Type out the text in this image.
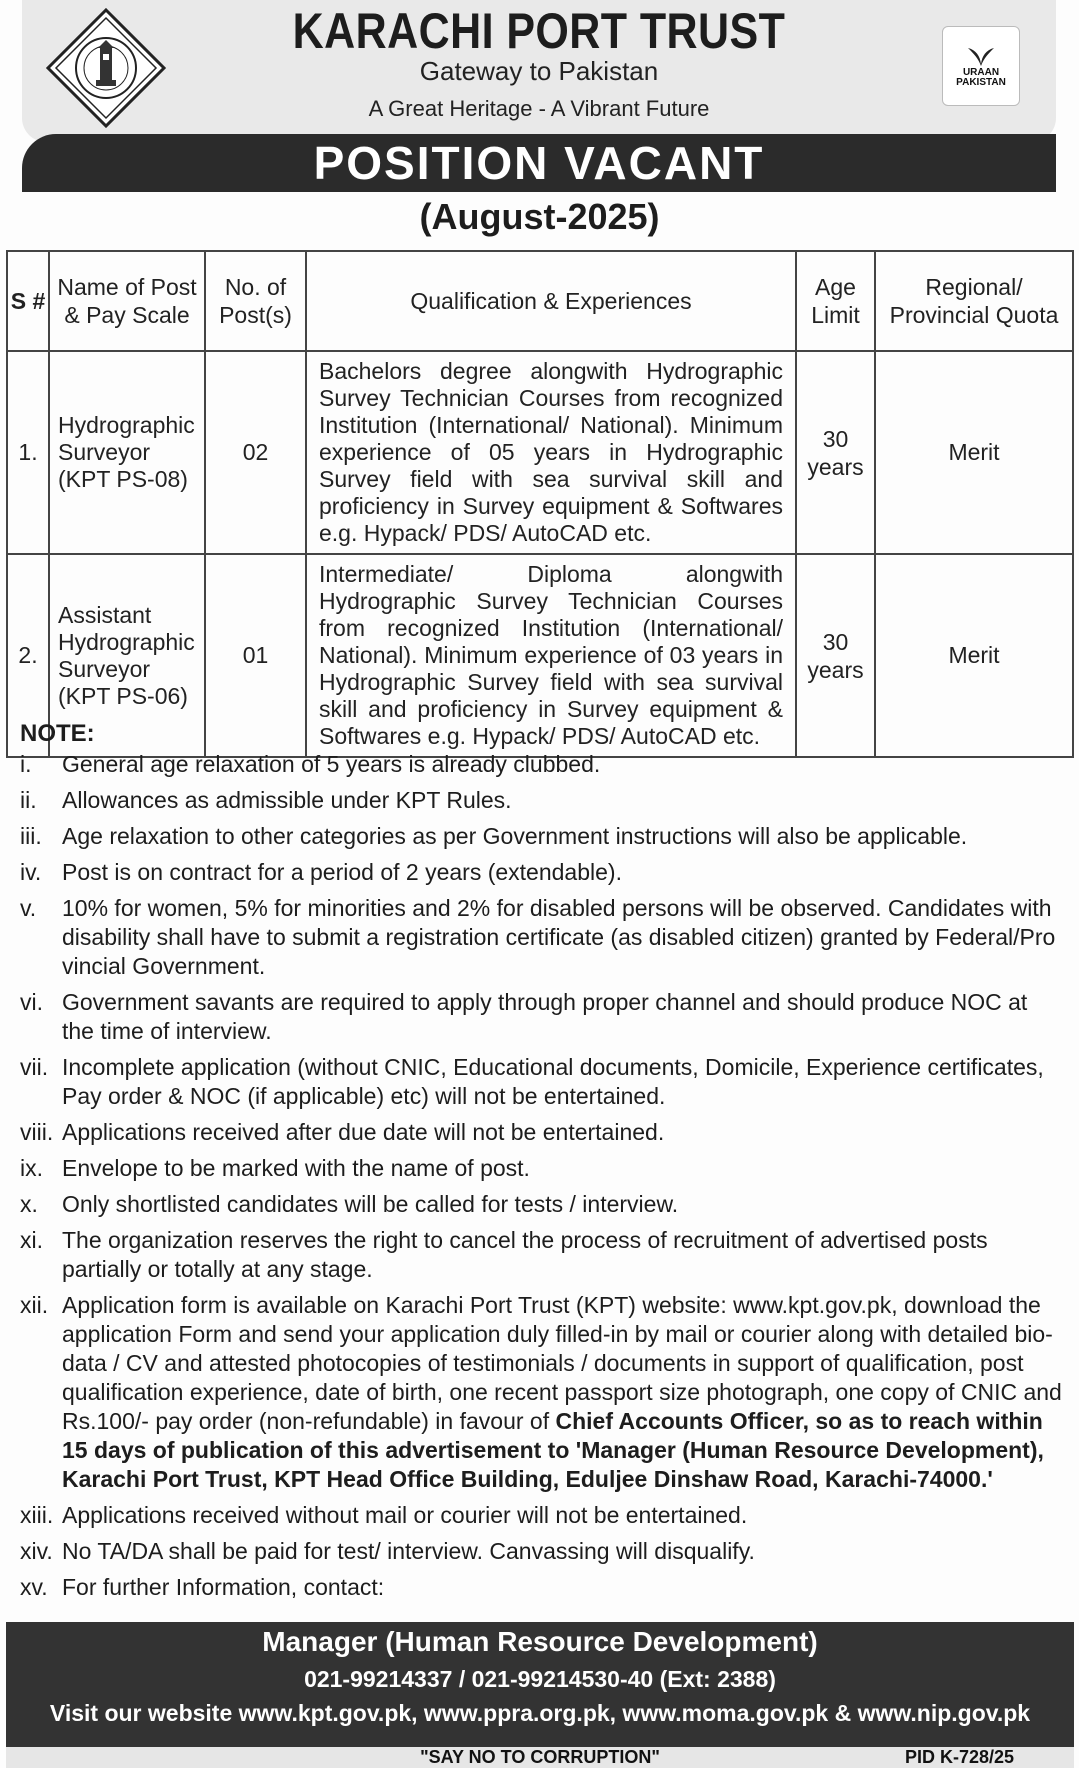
KARACHI PORT TRUST
Gateway to Pakistan
A Great Heritage - A Vibrant Future
URAAN
PAKISTAN
POSITION VACANT
(August-2025)
S #	Name of Post & Pay Scale	No. of Post(s)	Qualification & Experiences	Age Limit	Regional/ Provincial Quota
1.	Hydrographic Surveyor (KPT PS-08)	02	Bachelors degree alongwith Hydrographic Survey Technician Courses from recognized Institution (International/ National). Minimum experience of 05 years in Hydrographic Survey field with sea survival skill and proficiency in Survey equipment & Softwares e.g. Hypack/ PDS/ AutoCAD etc.	30 years	Merit
2.	Assistant Hydrographic Surveyor (KPT PS-06)	01	Intermediate/ Diploma alongwith Hydrographic Survey Technician Courses from recognized Institution (International/ National). Minimum experience of 03 years in Hydrographic Survey field with sea survival skill and proficiency in Survey equipment & Softwares e.g. Hypack/ PDS/ AutoCAD etc.	30 years	Merit
NOTE:
i.	General age relaxation of 5 years is already clubbed.
ii.	Allowances as admissible under KPT Rules.
iii. Age relaxation to other categories as per Government instructions will also be applicable.
iv. Post is on contract for a period of 2 years (extendable).
v.	10% for women, 5% for minorities and 2% for disabled persons will be observed. Candidates with disability shall have to submit a registration certificate (as disabled citizen) granted by Federal/Pro vincial Government.
vi. Government savants are required to apply through proper channel and should produce NOC at the time of interview.
vii. Incomplete application (without CNIC, Educational documents, Domicile, Experience certificates, Pay order & NOC (if applicable) etc) will not be entertained.
viii. Applications received after due date will not be entertained.
ix. Envelope to be marked with the name of post.
x.	Only shortlisted candidates will be called for tests / interview.
xi. The organization reserves the right to cancel the process of recruitment of advertised posts partially or totally at any stage.
xii. Application form is available on Karachi Port Trust (KPT) website: www.kpt.gov.pk, download the application Form and send your application duly filled-in by mail or courier along with detailed bio-data / CV and attested photocopies of testimonials / documents in support of qualification, post qualification experience, date of birth, one recent passport size photograph, one copy of CNIC and Rs.100/- pay order (non-refundable) in favour of Chief Accounts Officer, so as to reach within 15 days of publication of this advertisement to 'Manager (Human Resource Development), Karachi Port Trust, KPT Head Office Building, Eduljee Dinshaw Road, Karachi-74000.'
xiii. Applications received without mail or courier will not be entertained.
xiv. No TA/DA shall be paid for test/ interview. Canvassing will disqualify.
xv. For further Information, contact:
Manager (Human Resource Development)
021-99214337 / 021-99214530-40 (Ext: 2388)
Visit our website www.kpt.gov.pk, www.ppra.org.pk, www.moma.gov.pk & www.nip.gov.pk
"SAY NO TO CORRUPTION"	PID K-728/25
